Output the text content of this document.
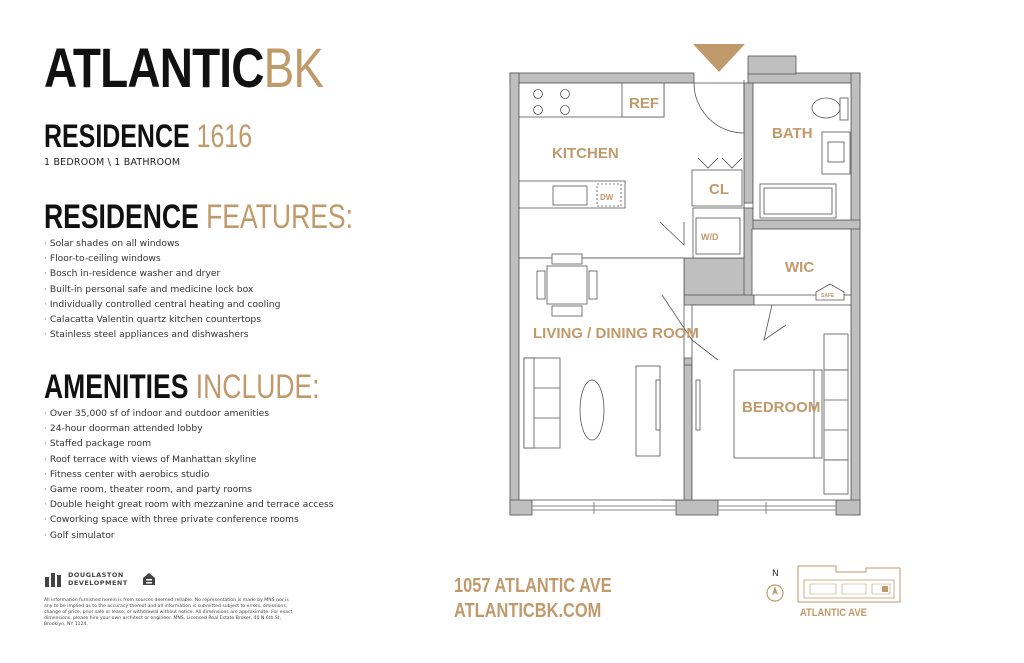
ATLANTICBK
RESIDENCE 1616
1 BEDROOM \ 1 BATHROOM
RESIDENCE FEATURES:
· Solar shades on all windows
· Floor-to-ceiling windows
· Bosch in-residence washer and dryer
· Built-in personal safe and medicine lock box
· Individually controlled central heating and cooling
· Calacatta Valentin quartz kitchen countertops
· Stainless steel appliances and dishwashers
AMENITIES INCLUDE:
· Over 35,000 sf of indoor and outdoor amenities
· 24-hour doorman attended lobby
· Staffed package room
· Roof terrace with views of Manhattan skyline
· Fitness center with aerobics studio
· Game room, theater room, and party rooms
· Double height great room with mezzanine and terrace access
· Coworking space with three private conference rooms
· Golf simulator
DOUGLASTON
DEVELOPMENT
All information furnished herein is from sources deemed reliable. No representation is made by MNS nor is any to be implied as to the accuracy thereof and all information is submitted subject to errors, omissions, change of price, prior sale or lease, or withdrawal without notice. All dimensions are approximate. For exact dimensions, please hire your own architect or engineer. MNS, Licensed Real Estate Broker, 40 N 6th St, Brooklyn, NY 1124.
1057 ATLANTIC AVE
ATLANTICBK.COM
N
ATLANTIC AVE
KITCHEN
REF
DW
BATH
CL
W/D
WIC
SAFE
LIVING / DINING ROOM
BEDROOM
